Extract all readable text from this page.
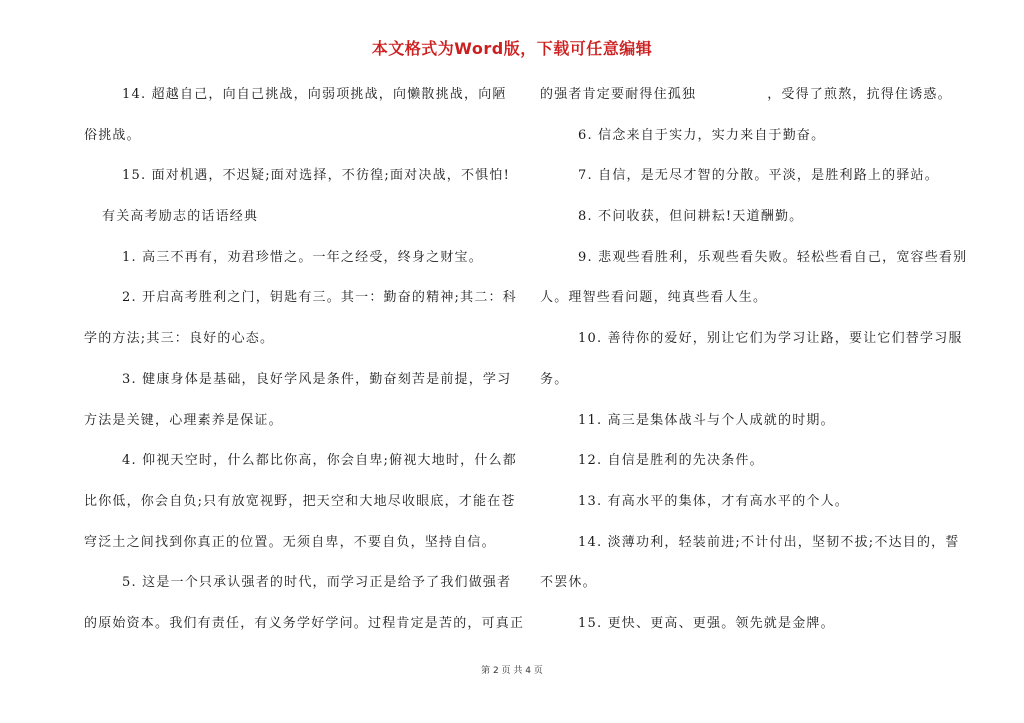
本文格式为Word版，下载可任意编辑
14. 超越自己，向自己挑战，向弱项挑战，向懒散挑战，向陋
俗挑战。
15. 面对机遇，不迟疑;面对选择，不彷徨;面对决战，不惧怕!
有关高考励志的话语经典
1. 高三不再有，劝君珍惜之。一年之经受，终身之财宝。
2. 开启高考胜利之门，钥匙有三。其一：勤奋的精神;其二：科
学的方法;其三：良好的心态。
3. 健康身体是基础，良好学风是条件，勤奋刻苦是前提，学习
方法是关键，心理素养是保证。
4. 仰视天空时，什么都比你高，你会自卑;俯视大地时，什么都
比你低，你会自负;只有放宽视野，把天空和大地尽收眼底，才能在苍
穹泛土之间找到你真正的位置。无须自卑，不要自负，坚持自信。
5. 这是一个只承认强者的时代，而学习正是给予了我们做强者
的原始资本。我们有责任，有义务学好学问。过程肯定是苦的，可真正
的强者肯定要耐得住孤独　　　　　，受得了煎熬，抗得住诱惑。
6. 信念来自于实力，实力来自于勤奋。
7. 自信，是无尽才智的分散。平淡，是胜利路上的驿站。
8. 不问收获，但问耕耘!天道酬勤。
9. 悲观些看胜利，乐观些看失败。轻松些看自己，宽容些看别
人。理智些看问题，纯真些看人生。
10. 善待你的爱好，别让它们为学习让路，要让它们替学习服
务。
11. 高三是集体战斗与个人成就的时期。
12. 自信是胜利的先决条件。
13. 有高水平的集体，才有高水平的个人。
14. 淡薄功利，轻装前进;不计付出，坚韧不拔;不达目的，誓
不罢休。
15. 更快、更高、更强。领先就是金牌。
第 2 页 共 4 页
